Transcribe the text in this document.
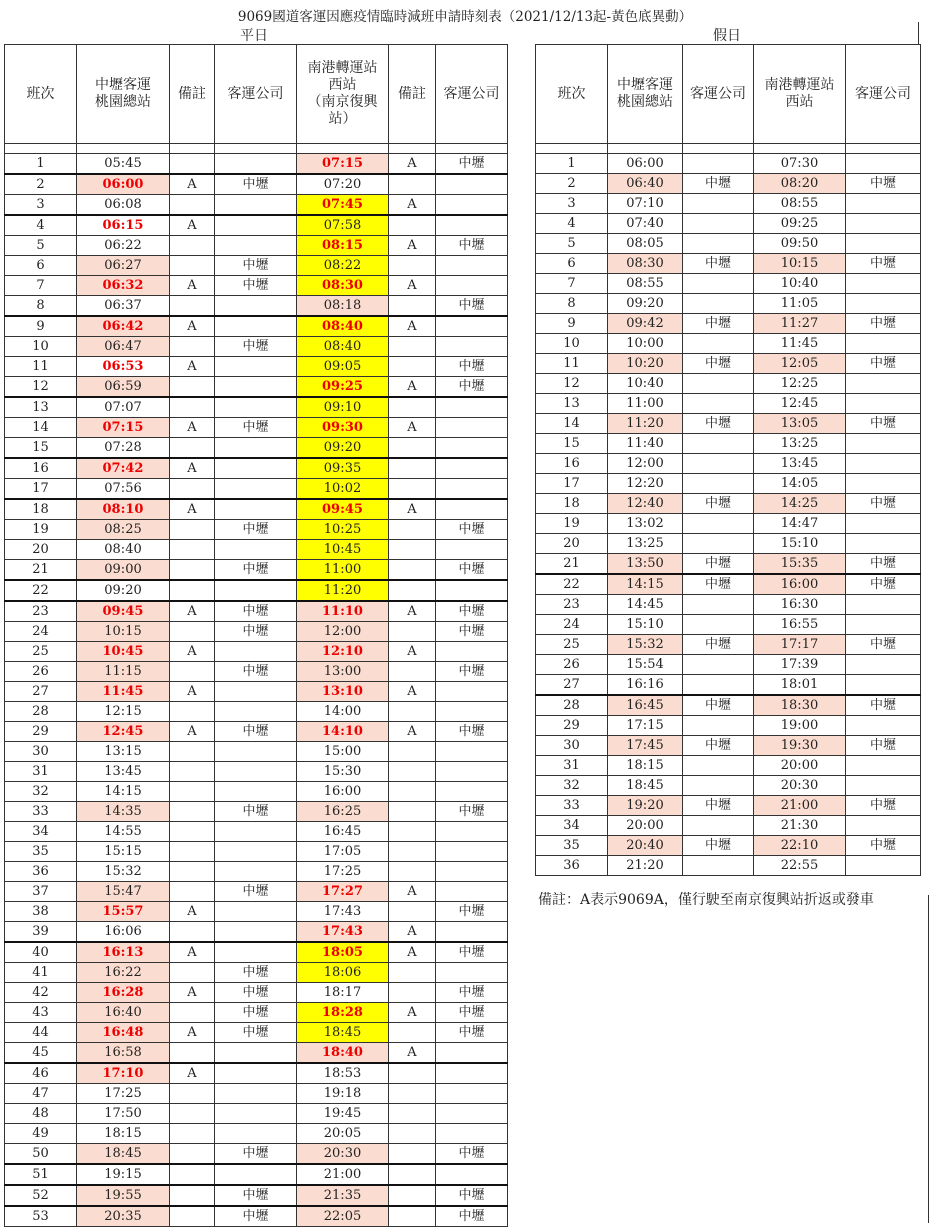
9069國道客運因應疫情臨時減班申請時刻表（2021/12/13起-黃色底異動）
平日	假日
班次	中壢客運
桃園總站	備註	客運公司	南港轉運站
西站
（南京復興
站）	備註	客運公司

1	05:45			07:15	A	中壢
2	06:00	A	中壢	07:20		
3	06:08			07:45	A	
4	06:15	A		07:58		
5	06:22			08:15	A	中壢
6	06:27		中壢	08:22		
7	06:32	A	中壢	08:30	A	
8	06:37			08:18		中壢
9	06:42	A		08:40	A	
10	06:47		中壢	08:40		
11	06:53	A		09:05		中壢
12	06:59			09:25	A	中壢
13	07:07			09:10		
14	07:15	A	中壢	09:30	A	
15	07:28			09:20		
16	07:42	A		09:35		
17	07:56			10:02		
18	08:10	A		09:45	A	
19	08:25		中壢	10:25		中壢
20	08:40			10:45		
21	09:00		中壢	11:00		中壢
22	09:20			11:20		
23	09:45	A	中壢	11:10	A	中壢
24	10:15		中壢	12:00		中壢
25	10:45	A		12:10	A	
26	11:15		中壢	13:00		中壢
27	11:45	A		13:10	A	
28	12:15			14:00		
29	12:45	A	中壢	14:10	A	中壢
30	13:15			15:00		
31	13:45			15:30		
32	14:15			16:00		
33	14:35		中壢	16:25		中壢
34	14:55			16:45		
35	15:15			17:05		
36	15:32			17:25		
37	15:47		中壢	17:27	A	
38	15:57	A		17:43		中壢
39	16:06			17:43	A	
40	16:13	A		18:05	A	中壢
41	16:22		中壢	18:06		
42	16:28	A	中壢	18:17		中壢
43	16:40		中壢	18:28	A	中壢
44	16:48	A	中壢	18:45		中壢
45	16:58			18:40	A	
46	17:10	A		18:53		
47	17:25			19:18		
48	17:50			19:45		
49	18:15			20:05		
50	18:45		中壢	20:30		中壢
51	19:15			21:00		
52	19:55		中壢	21:35		中壢
53	20:35		中壢	22:05		中壢
班次	中壢客運
桃園總站	客運公司	南港轉運站
西站	客運公司

1	06:00		07:30	
2	06:40	中壢	08:20	中壢
3	07:10		08:55	
4	07:40		09:25	
5	08:05		09:50	
6	08:30	中壢	10:15	中壢
7	08:55		10:40	
8	09:20		11:05	
9	09:42	中壢	11:27	中壢
10	10:00		11:45	
11	10:20	中壢	12:05	中壢
12	10:40		12:25	
13	11:00		12:45	
14	11:20	中壢	13:05	中壢
15	11:40		13:25	
16	12:00		13:45	
17	12:20		14:05	
18	12:40	中壢	14:25	中壢
19	13:02		14:47	
20	13:25		15:10	
21	13:50	中壢	15:35	中壢
22	14:15	中壢	16:00	中壢
23	14:45		16:30	
24	15:10		16:55	
25	15:32	中壢	17:17	中壢
26	15:54		17:39	
27	16:16		18:01	
28	16:45	中壢	18:30	中壢
29	17:15		19:00	
30	17:45	中壢	19:30	中壢
31	18:15		20:00	
32	18:45		20:30	
33	19:20	中壢	21:00	中壢
34	20:00		21:30	
35	20:40	中壢	22:10	中壢
36	21:20		22:55	
備註：A表示9069A，僅行駛至南京復興站折返或發車
